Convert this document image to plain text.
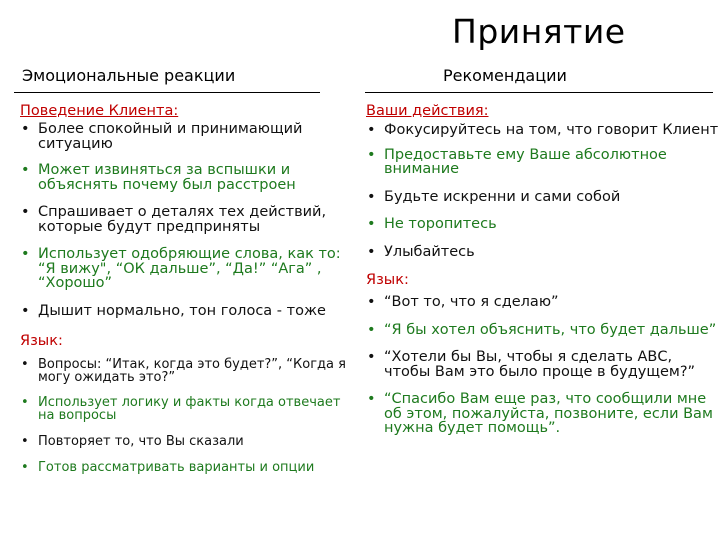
Принятие
Эмоциональные реакции	Рекомендации
Поведение Клиента:
• Более спокойный и принимающий ситуацию
• Может извиняться за вспышки и объяснять почему был расстроен
• Спрашивает о деталях тех действий, которые будут предприняты
• Использует одобряющие слова, как то: “Я вижу", “ОК дальше”, “Да!” “Ага” , “Хорошо”
• Дышит нормально, тон голоса - тоже
Язык:
• Вопросы: “Итак, когда это будет?”, “Когда я могу ожидать это?”
• Использует логику и факты когда отвечает на вопросы
• Повторяет то, что Вы сказали
• Готов рассматривать варианты и опции
Ваши действия:
• Фокусируйтесь на том, что говорит Клиент
• Предоставьте ему Ваше абсолютное внимание
• Будьте искренни и сами собой
• Не торопитесь
• Улыбайтесь
Язык:
• “Вот то, что я сделаю”
• “Я бы хотел объяснить, что будет дальше”
• “Хотели бы Вы, чтобы я сделать АВС, чтобы Вам это было проще в будущем?”
• “Спасибо Вам еще раз, что сообщили мне об этом, пожалуйста, позвоните, если Вам нужна будет помощь”.
